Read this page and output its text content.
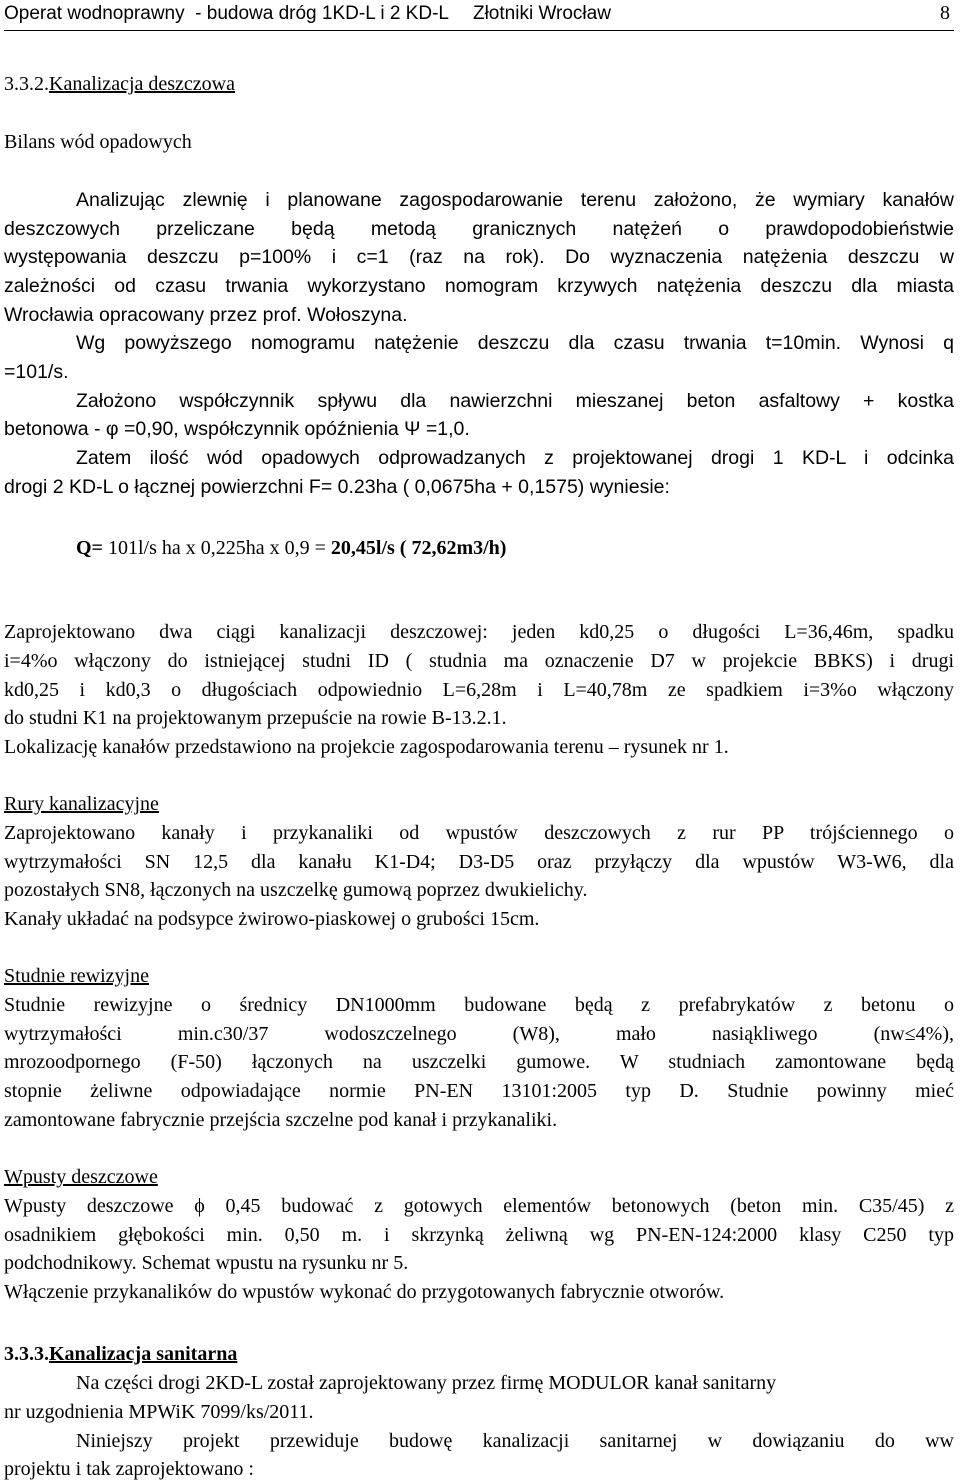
Operat wodnoprawny  - budowa dróg 1KD-L i 2 KD-L Złotniki Wrocław	8
3.3.2.Kanalizacja deszczowa
Bilans wód opadowych
Analizując zlewnię i planowane zagospodarowanie terenu założono, że wymiary kanałów
deszczowych przeliczane będą metodą granicznych natężeń o prawdopodobieństwie
występowania deszczu p=100% i c=1 (raz na rok). Do wyznaczenia natężenia deszczu w
zależności od czasu trwania wykorzystano nomogram krzywych natężenia deszczu dla miasta
Wrocławia opracowany przez prof. Wołoszyna.
Wg powyższego nomogramu natężenie deszczu dla czasu trwania t=10min. Wynosi q
=101/s.
Założono współczynnik spływu dla nawierzchni mieszanej beton asfaltowy + kostka
betonowa - φ =0,90, współczynnik opóźnienia Ψ =1,0.
Zatem ilość wód opadowych odprowadzanych z projektowanej drogi 1 KD-L i odcinka
drogi 2 KD-L o łącznej powierzchni F= 0.23ha ( 0,0675ha + 0,1575) wyniesie:
Q= 101l/s ha x 0,225ha x 0,9 = 20,45l/s ( 72,62m3/h)
Zaprojektowano dwa ciągi kanalizacji deszczowej: jeden kd0,25 o długości L=36,46m, spadku
i=4%o włączony do istniejącej studni ID ( studnia ma oznaczenie D7 w projekcie BBKS) i drugi
kd0,25 i kd0,3 o długościach odpowiednio L=6,28m i L=40,78m ze spadkiem i=3%o włączony
do studni K1 na projektowanym przepuście na rowie B-13.2.1.
Lokalizację kanałów przedstawiono na projekcie zagospodarowania terenu – rysunek nr 1.
Rury kanalizacyjne
Zaprojektowano kanały i przykanaliki od wpustów deszczowych z rur PP trójściennego o
wytrzymałości SN 12,5 dla kanału K1-D4; D3-D5 oraz przyłączy dla wpustów W3-W6, dla
pozostałych SN8, łączonych na uszczelkę gumową poprzez dwukielichy.
Kanały układać na podsypce żwirowo-piaskowej o grubości 15cm.
Studnie rewizyjne
Studnie rewizyjne o średnicy DN1000mm budowane będą z prefabrykatów z betonu o
wytrzymałości min.c30/37 wodoszczelnego (W8), mało nasiąkliwego (nw≤4%),
mrozoodpornego (F-50) łączonych na uszczelki gumowe. W studniach zamontowane będą
stopnie żeliwne odpowiadające normie PN-EN 13101:2005 typ D. Studnie powinny mieć
zamontowane fabrycznie przejścia szczelne pod kanał i przykanaliki.
Wpusty deszczowe
Wpusty deszczowe ϕ 0,45 budować z gotowych elementów betonowych (beton min. C35/45) z
osadnikiem głębokości min. 0,50 m. i skrzynką żeliwną wg PN-EN-124:2000 klasy C250 typ
podchodnikowy. Schemat wpustu na rysunku nr 5.
Włączenie przykanalików do wpustów wykonać do przygotowanych fabrycznie otworów.
3.3.3.Kanalizacja sanitarna
Na części drogi 2KD-L został zaprojektowany przez firmę MODULOR kanał sanitarny
nr uzgodnienia MPWiK 7099/ks/2011.
Niniejszy projekt przewiduje budowę kanalizacji sanitarnej w dowiązaniu do ww
projektu i tak zaprojektowano :
